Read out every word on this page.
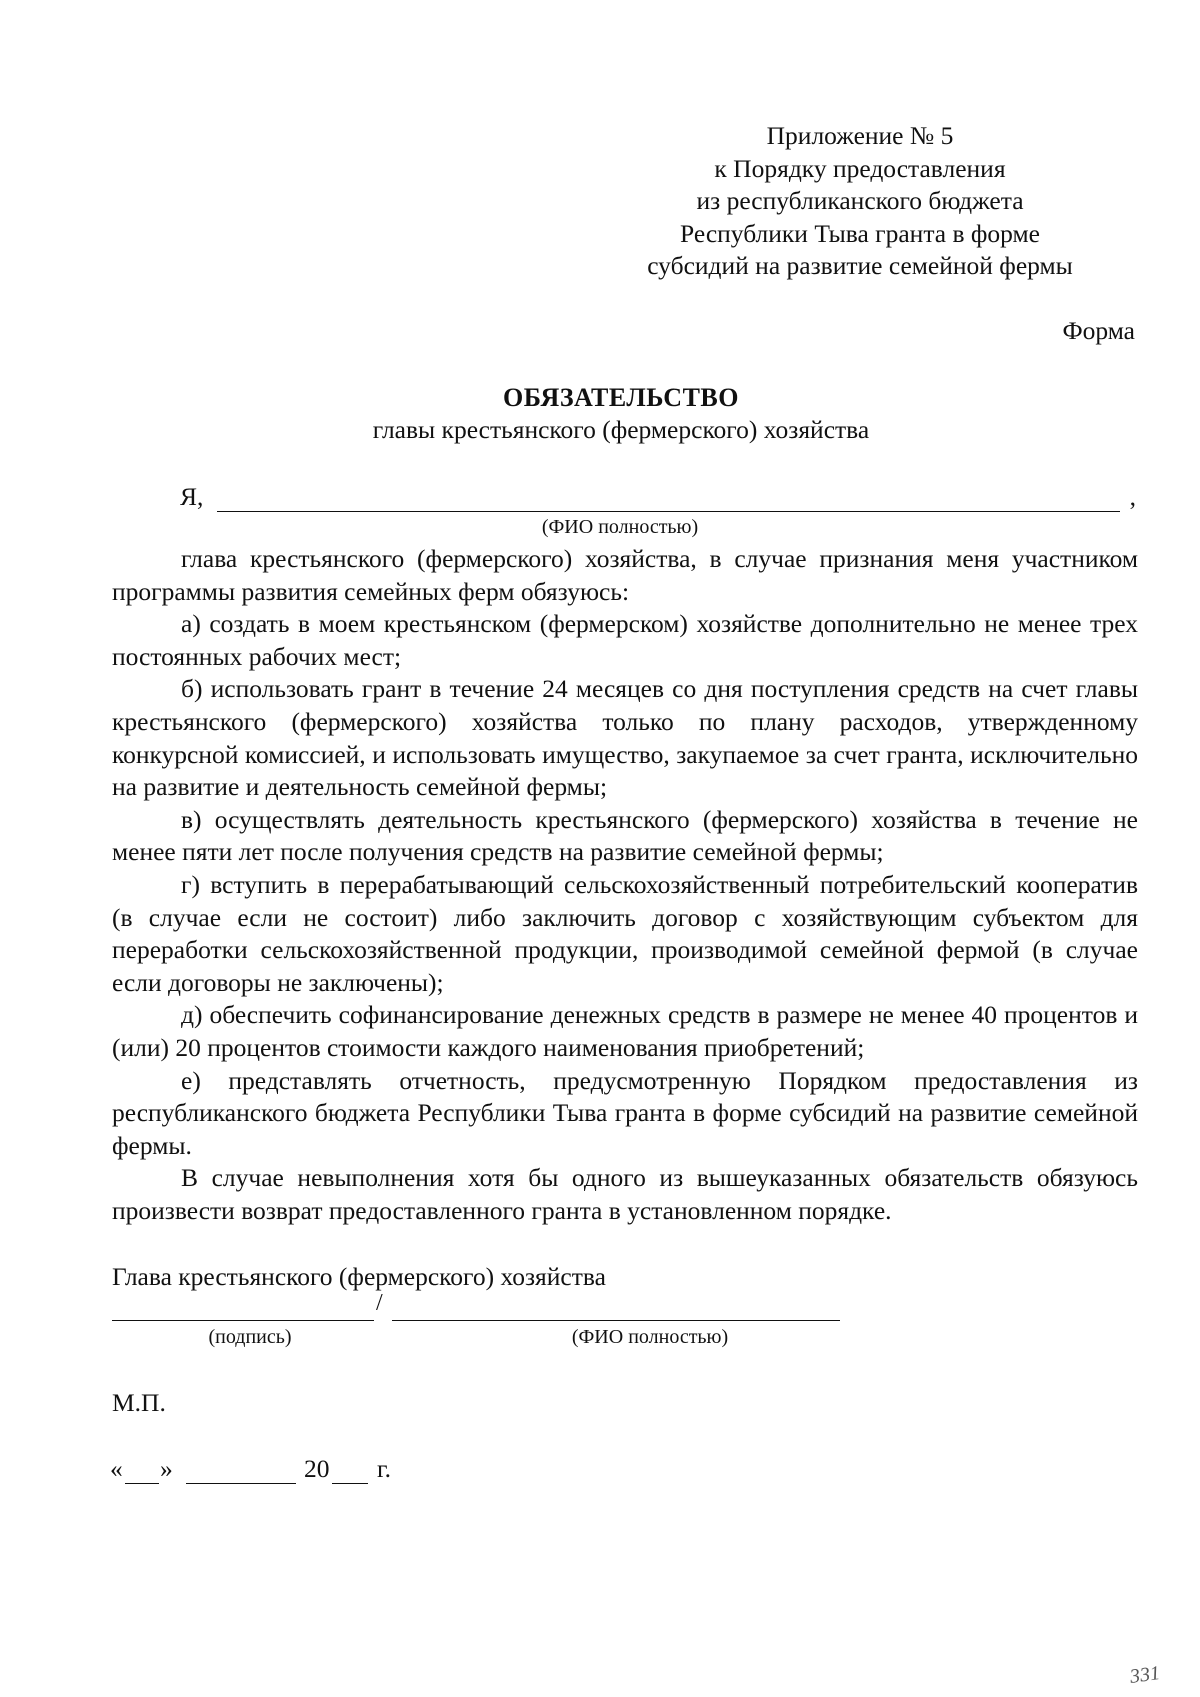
Приложение № 5
к Порядку предоставления
из республиканского бюджета
Республики Тыва гранта в форме
субсидий на развитие семейной фермы
Форма
ОБЯЗАТЕЛЬСТВО
главы крестьянского (фермерского) хозяйства
Я,	,
(ФИО полностью)

глава крестьянского (фермерского) хозяйства, в случае признания меня участником программы развития семейных ферм обязуюсь:

а) создать в моем крестьянском (фермерском) хозяйстве дополнительно не менее трех постоянных рабочих мест;

б) использовать грант в течение 24 месяцев со дня поступления средств на счет главы крестьянского (фермерского) хозяйства только по плану расходов, утвержденному конкурсной комиссией, и использовать имущество, закупаемое за счет гранта, исключительно на развитие и деятельность семейной фермы;

в) осуществлять деятельность крестьянского (фермерского) хозяйства в течение не менее пяти лет после получения средств на развитие семейной фермы;

г) вступить в перерабатывающий сельскохозяйственный потребительский кооператив (в случае если не состоит) либо заключить договор с хозяйствующим субъектом для переработки сельскохозяйственной продукции, производимой семейной фермой (в случае если договоры не заключены);

д) обеспечить софинансирование денежных средств в размере не менее 40 процентов и (или) 20 процентов стоимости каждого наименования приобретений;

е) представлять отчетность, предусмотренную Порядком предоставления из республиканского бюджета Республики Тыва гранта в форме субсидий на развитие семейной фермы.

В случае невыполнения хотя бы одного из вышеуказанных обязательств обязуюсь произвести возврат предоставленного гранта в установленном порядке.

Глава крестьянского (фермерского) хозяйства
/
(подпись)	(ФИО полностью)
М.П.
« »	20 г.
331
